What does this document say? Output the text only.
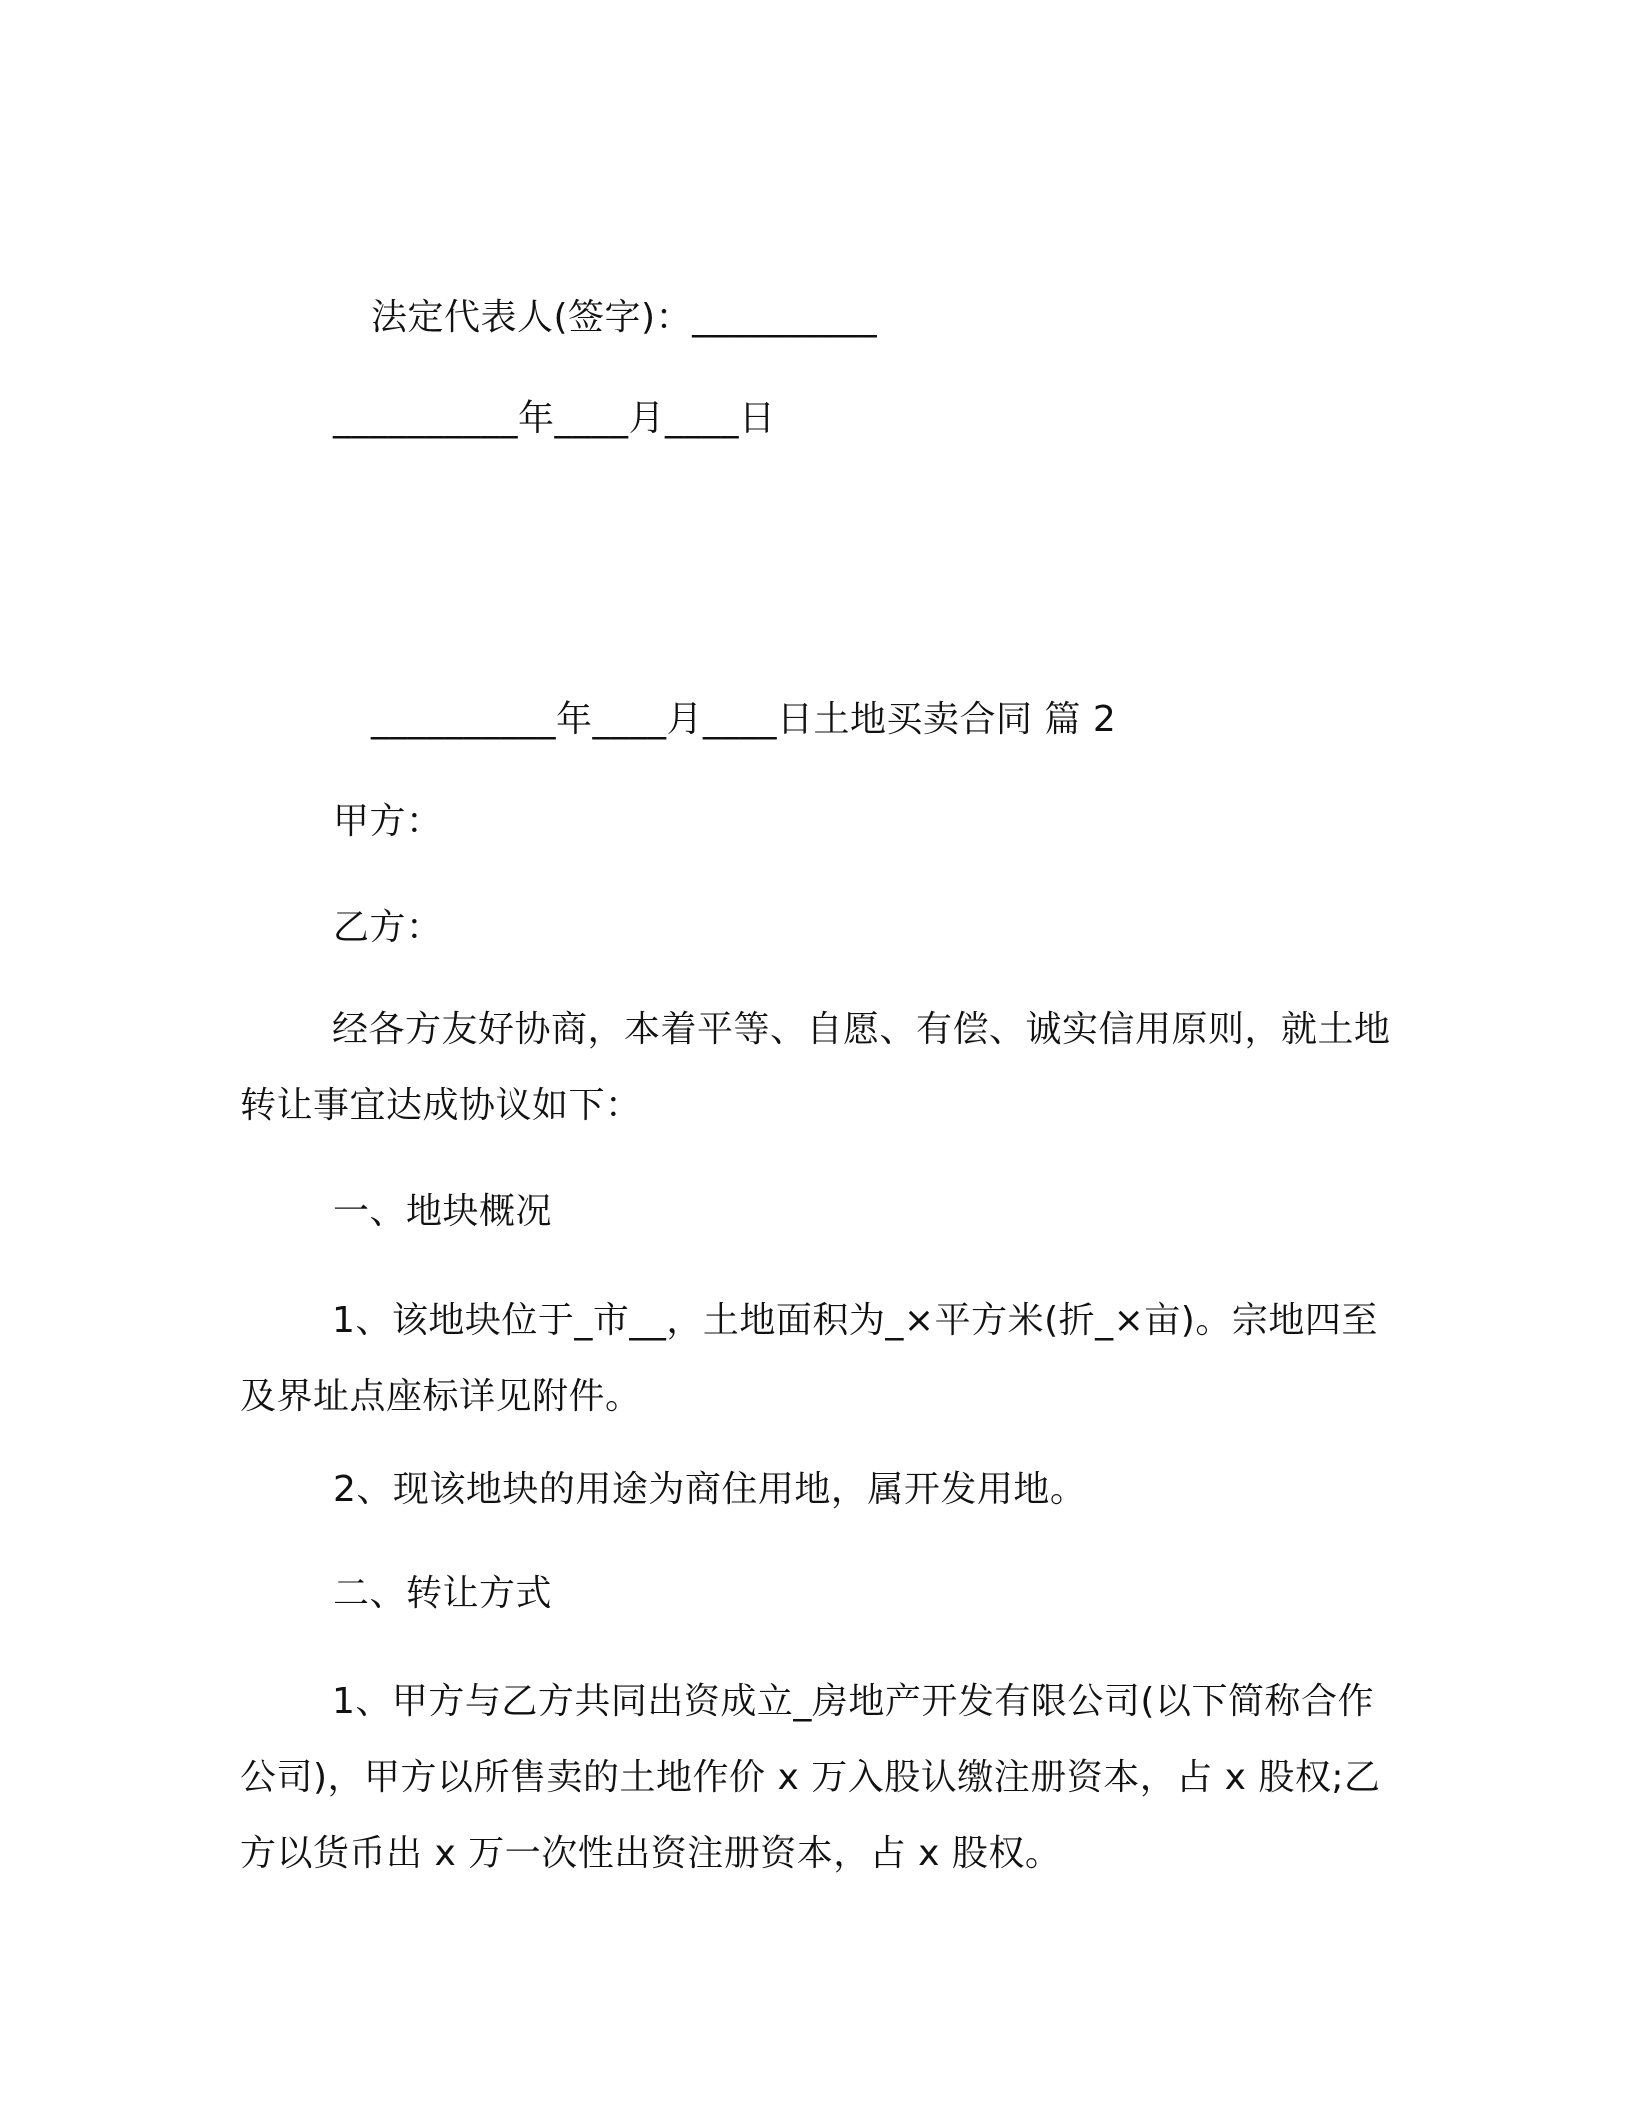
法定代表人(签字)：__________
__________年____月____日
__________年____月____日土地买卖合同 篇 2
甲方：
乙方：
经各方友好协商，本着平等、自愿、有偿、诚实信用原则，就土地转让事宜达成协议如下：
一、地块概况
1、该地块位于_市__，土地面积为_×平方米(折_×亩)。宗地四至及界址点座标详见附件。
2、现该地块的用途为商住用地，属开发用地。
二、转让方式
1、甲方与乙方共同出资成立_房地产开发有限公司(以下简称合作公司)，甲方以所售卖的土地作价 x 万入股认缴注册资本，占 x 股权;乙方以货币出 x 万一次性出资注册资本，占 x 股权。
